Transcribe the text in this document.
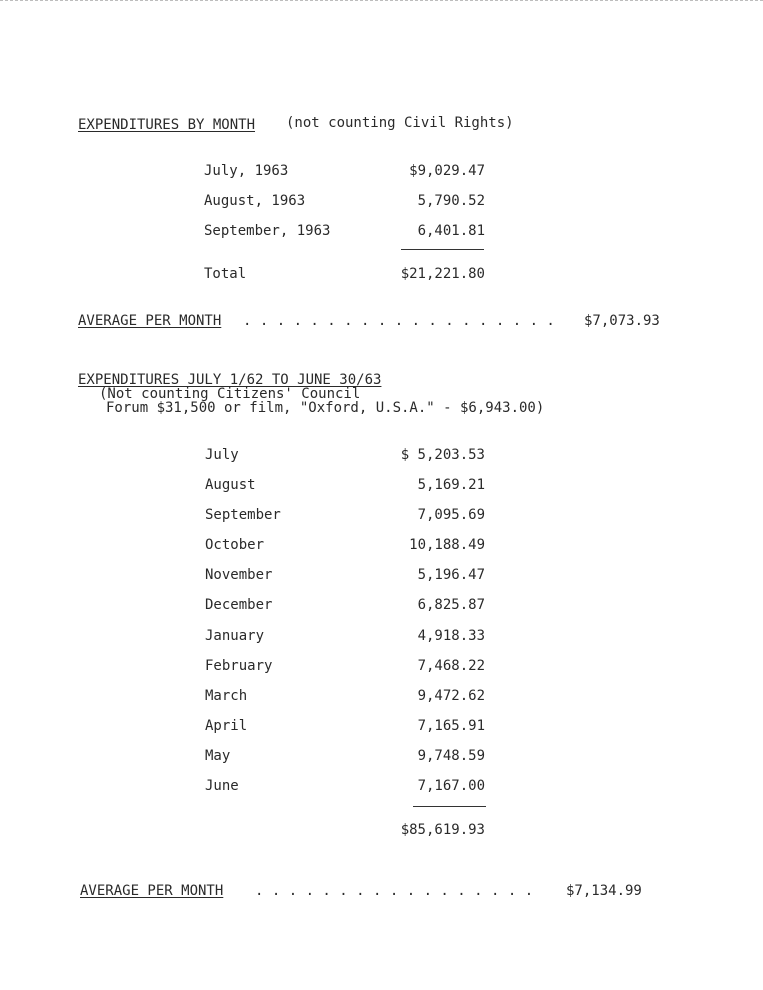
EXPENDITURES BY MONTH (not counting Civil Rights)
July, 1963	$9,029.47
August, 1963	5,790.52
September, 1963	6,401.81
Total	$21,221.80
AVERAGE PER MONTH . . . . . . . . . . . . . . . . . . . $7,073.93
EXPENDITURES JULY 1/62 TO JUNE 30/63
(Not counting Citizens' Council
Forum $31,500 or film, "Oxford, U.S.A." - $6,943.00)
July	$ 5,203.53
August	5,169.21
September	7,095.69
October	10,188.49
November	5,196.47
December	6,825.87
January	4,918.33
February	7,468.22
March	9,472.62
April	7,165.91
May	9,748.59
June	7,167.00
$85,619.93
AVERAGE PER MONTH . . . . . . . . . . . . . . . . . $7,134.99
